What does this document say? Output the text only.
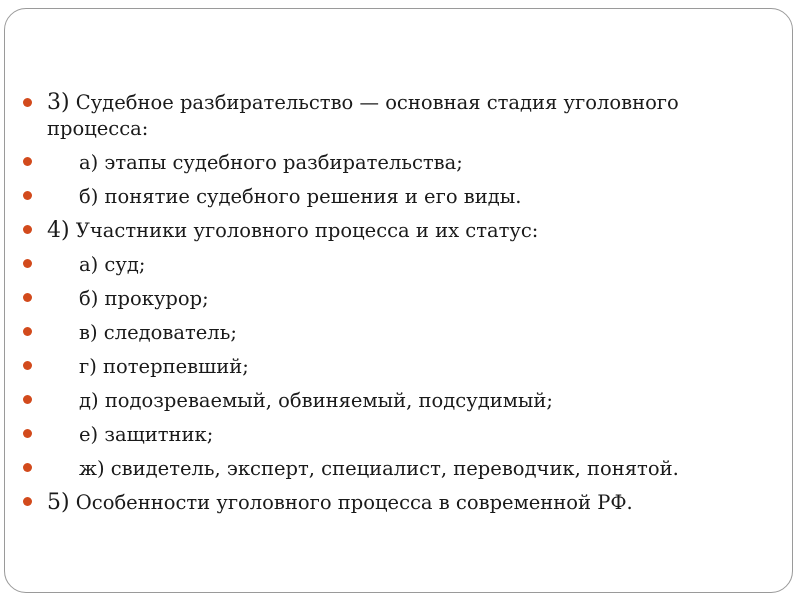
3) Судебное разбирательство — основная стадия уголовного процесса:
а) этапы судебного разбирательства;
б) понятие судебного решения и его виды.
4) Участники уголовного процесса и их статус:
а) суд;
б) прокурор;
в) следователь;
г) потерпевший;
д) подозреваемый, обвиняемый, подсудимый;
е) защитник;
ж) свидетель, эксперт, специалист, переводчик, понятой.
5) Особенности уголовного процесса в современной РФ.
